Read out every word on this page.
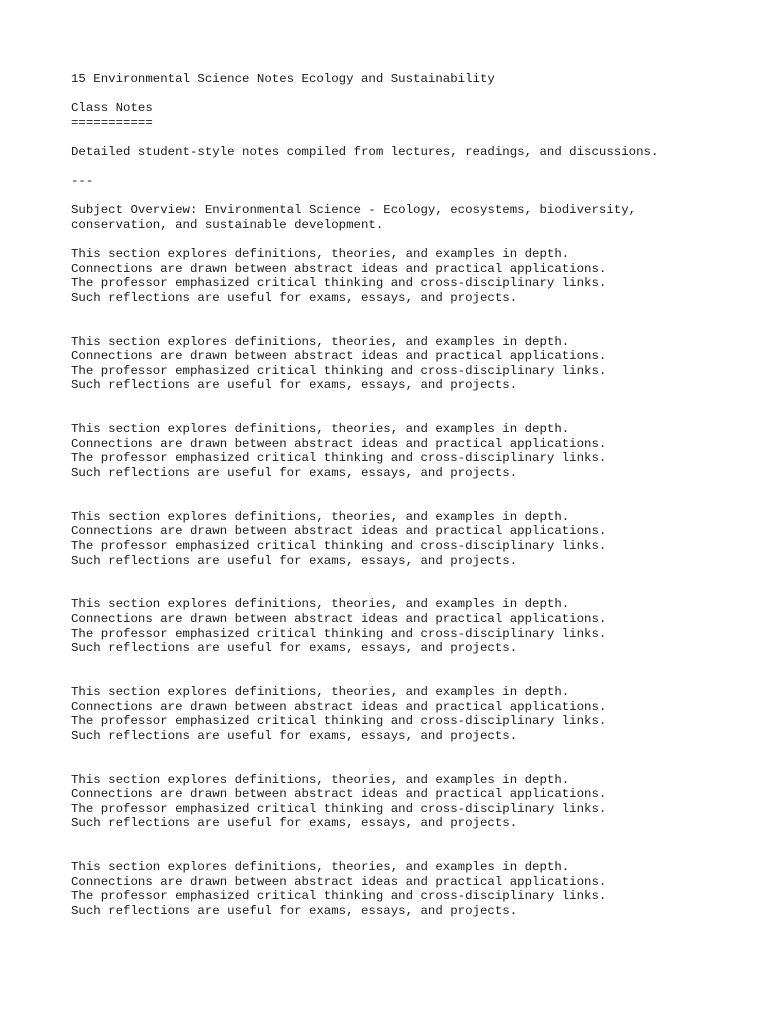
15 Environmental Science Notes Ecology and Sustainability
Class Notes
===========
Detailed student-style notes compiled from lectures, readings, and discussions.
---
Subject Overview: Environmental Science - Ecology, ecosystems, biodiversity,
conservation, and sustainable development.
This section explores definitions, theories, and examples in depth.
Connections are drawn between abstract ideas and practical applications.
The professor emphasized critical thinking and cross-disciplinary links.
Such reflections are useful for exams, essays, and projects.
This section explores definitions, theories, and examples in depth.
Connections are drawn between abstract ideas and practical applications.
The professor emphasized critical thinking and cross-disciplinary links.
Such reflections are useful for exams, essays, and projects.
This section explores definitions, theories, and examples in depth.
Connections are drawn between abstract ideas and practical applications.
The professor emphasized critical thinking and cross-disciplinary links.
Such reflections are useful for exams, essays, and projects.
This section explores definitions, theories, and examples in depth.
Connections are drawn between abstract ideas and practical applications.
The professor emphasized critical thinking and cross-disciplinary links.
Such reflections are useful for exams, essays, and projects.
This section explores definitions, theories, and examples in depth.
Connections are drawn between abstract ideas and practical applications.
The professor emphasized critical thinking and cross-disciplinary links.
Such reflections are useful for exams, essays, and projects.
This section explores definitions, theories, and examples in depth.
Connections are drawn between abstract ideas and practical applications.
The professor emphasized critical thinking and cross-disciplinary links.
Such reflections are useful for exams, essays, and projects.
This section explores definitions, theories, and examples in depth.
Connections are drawn between abstract ideas and practical applications.
The professor emphasized critical thinking and cross-disciplinary links.
Such reflections are useful for exams, essays, and projects.
This section explores definitions, theories, and examples in depth.
Connections are drawn between abstract ideas and practical applications.
The professor emphasized critical thinking and cross-disciplinary links.
Such reflections are useful for exams, essays, and projects.
